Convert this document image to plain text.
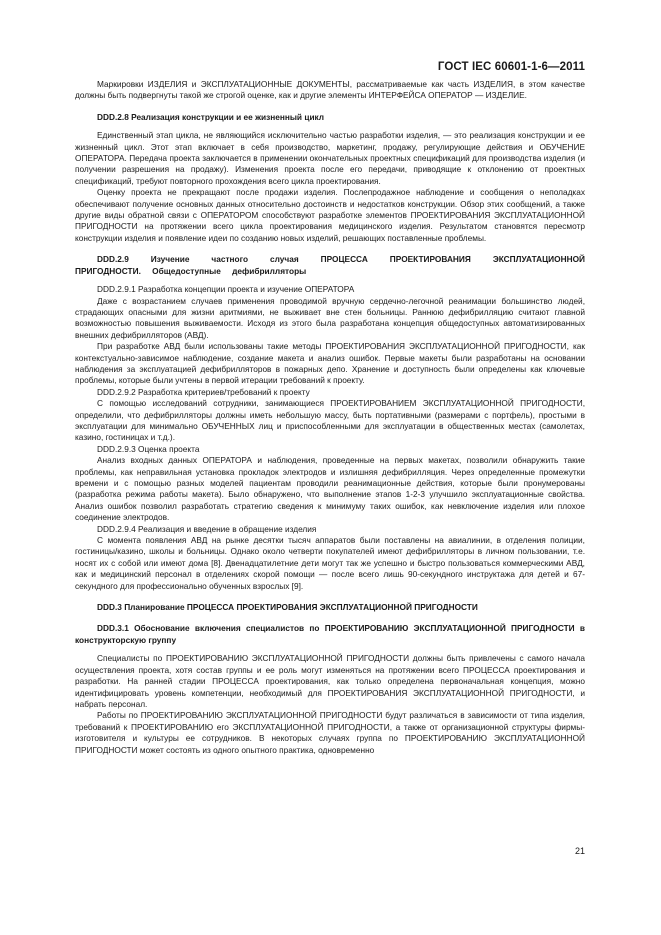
ГОСТ IEC 60601-1-6—2011

Маркировки ИЗДЕЛИЯ и ЭКСПЛУАТАЦИОННЫЕ ДОКУМЕНТЫ, рассматриваемые как часть ИЗДЕЛИЯ, в этом качестве должны быть подвергнуты такой же строгой оценке, как и другие элементы ИНТЕРФЕЙСА ОПЕРАТОР — ИЗДЕЛИЕ.

DDD.2.8 Реализация конструкции и ее жизненный цикл

Единственный этап цикла, не являющийся исключительно частью разработки изделия, — это реализация конструкции и ее жизненный цикл. Этот этап включает в себя производство, маркетинг, продажу, регулирующие действия и ОБУЧЕНИЕ ОПЕРАТОРА. Передача проекта заключается в применении окончательных проектных спецификаций для производства изделия (и получении разрешения на продажу). Изменения проекта после его передачи, приводящие к отклонению от проектных спецификаций, требуют повторного прохождения всего цикла проектирования.

Оценку проекта не прекращают после продажи изделия. Послепродажное наблюдение и сообщения о неполадках обеспечивают получение основных данных относительно достоинств и недостатков конструкции. Обзор этих сообщений, а также другие виды обратной связи с ОПЕРАТОРОМ способствуют разработке элементов ПРОЕКТИРОВАНИЯ ЭКСПЛУАТАЦИОННОЙ ПРИГОДНОСТИ на протяжении всего цикла проектирования медицинского изделия. Результатом становятся пересмотр конструкции изделия и появление идеи по созданию новых изделий, решающих поставленные проблемы.

DDD.2.9 Изучение частного случая ПРОЦЕССА ПРОЕКТИРОВАНИЯ ЭКСПЛУАТАЦИОННОЙ ПРИГОДНОСТИ. Общедоступные дефибрилляторы

DDD.2.9.1 Разработка концепции проекта и изучение ОПЕРАТОРА

Даже с возрастанием случаев применения проводимой вручную сердечно-легочной реанимации большинство людей, страдающих опасными для жизни аритмиями, не выживает вне стен больницы. Раннюю дефибрилляцию считают главной возможностью повышения выживаемости. Исходя из этого была разработана концепция общедоступных автоматизированных внешних дефибрилляторов (АВД).

При разработке АВД были использованы такие методы ПРОЕКТИРОВАНИЯ ЭКСПЛУАТАЦИОННОЙ ПРИГОДНОСТИ, как контекстуально-зависимое наблюдение, создание макета и анализ ошибок. Первые макеты были разработаны на основании наблюдения за эксплуатацией дефибрилляторов в пожарных депо. Хранение и доступность были определены как ключевые проблемы, которые были учтены в первой итерации требований к проекту.

DDD.2.9.2 Разработка критериев/требований к проекту

С помощью исследований сотрудники, занимающиеся ПРОЕКТИРОВАНИЕМ ЭКСПЛУАТАЦИОННОЙ ПРИГОДНОСТИ, определили, что дефибрилляторы должны иметь небольшую массу, быть портативными (размерами с портфель), простыми в эксплуатации для минимально ОБУЧЕННЫХ лиц и приспособленными для эксплуатации в общественных местах (самолетах, казино, гостиницах и т.д.).

DDD.2.9.3 Оценка проекта

Анализ входных данных ОПЕРАТОРА и наблюдения, проведенные на первых макетах, позволили обнаружить такие проблемы, как неправильная установка прокладок электродов и излишняя дефибрилляция. Через определенные промежутки времени и с помощью разных моделей пациентам проводили реанимационные действия, которые были пронумерованы (разработка режима работы макета). Было обнаружено, что выполнение этапов 1-2-3 улучшило эксплуатационные свойства. Анализ ошибок позволил разработать стратегию сведения к минимуму таких ошибок, как невключение изделия или плохое соединение электродов.

DDD.2.9.4 Реализация и введение в обращение изделия

С момента появления АВД на рынке десятки тысяч аппаратов были поставлены на авиалинии, в отделения полиции, гостиницы/казино, школы и больницы. Однако около четверти покупателей имеют дефибрилляторы в личном пользовании, т.е. носят их с собой или имеют дома [8]. Двенадцатилетние дети могут так же успешно и быстро пользоваться коммерческими АВД, как и медицинский персонал в отделениях скорой помощи — после всего лишь 90-секундного инструктажа для детей и 67-секундного для профессионально обученных взрослых [9].

DDD.3 Планирование ПРОЦЕССА ПРОЕКТИРОВАНИЯ ЭКСПЛУАТАЦИОННОЙ ПРИГОДНОСТИ
DDD.3.1 Обоснование включения специалистов по ПРОЕКТИРОВАНИЮ ЭКСПЛУАТАЦИОННОЙ ПРИГОДНОСТИ в конструкторскую группу

Специалисты по ПРОЕКТИРОВАНИЮ ЭКСПЛУАТАЦИОННОЙ ПРИГОДНОСТИ должны быть привлечены с самого начала осуществления проекта, хотя состав группы и ее роль могут изменяться на протяжении всего ПРОЦЕССА проектирования и разработки. На ранней стадии ПРОЦЕССА проектирования, как только определена первоначальная концепция, можно идентифицировать уровень компетенции, необходимый для ПРОЕКТИРОВАНИЯ ЭКСПЛУАТАЦИОННОЙ ПРИГОДНОСТИ, и набрать персонал.

Работы по ПРОЕКТИРОВАНИЮ ЭКСПЛУАТАЦИОННОЙ ПРИГОДНОСТИ будут различаться в зависимости от типа изделия, требований к ПРОЕКТИРОВАНИЮ его ЭКСПЛУАТАЦИОННОЙ ПРИГОДНОСТИ, а также от организационной структуры фирмы-изготовителя и культуры ее сотрудников. В некоторых случаях группа по ПРОЕКТИРОВАНИЮ ЭКСПЛУАТАЦИОННОЙ ПРИГОДНОСТИ может состоять из одного опытного практика, одновременно

21
